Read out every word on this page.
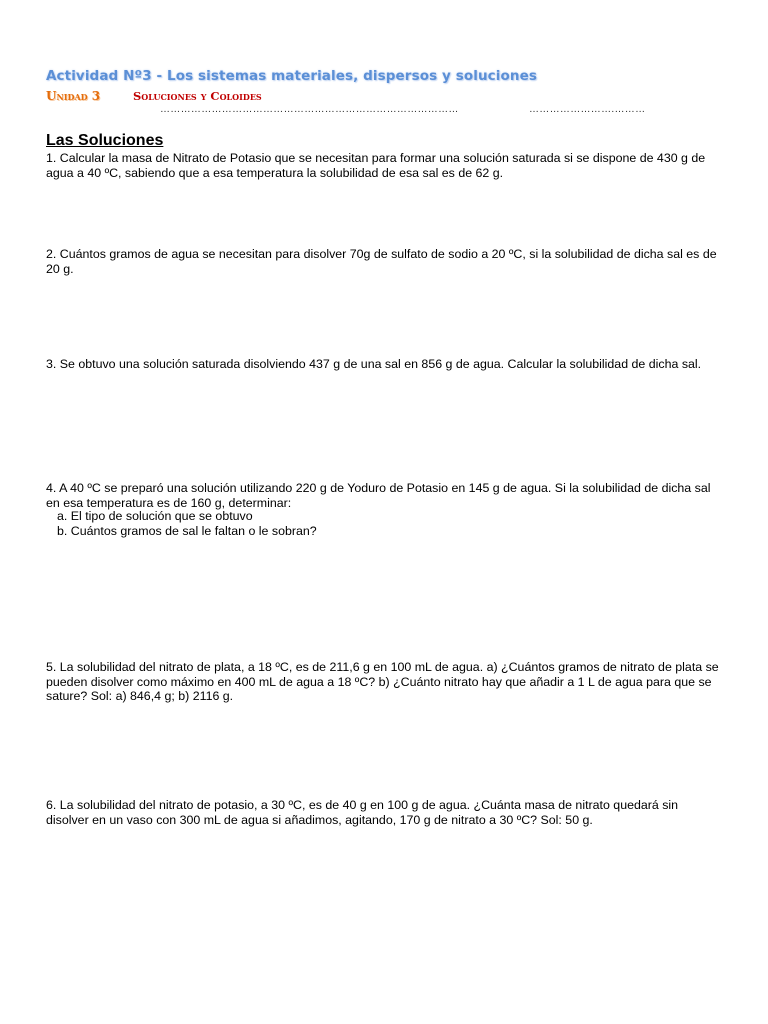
Actividad Nº3 - Los sistemas materiales, dispersos y soluciones
Unidad 3	Soluciones y Coloides
……………………………………………………………………………	…………………….………
Las Soluciones

1. Calcular la masa de Nitrato de Potasio que se necesitan para formar una solución saturada si se dispone de 430 g de agua a 40 ºC, sabiendo que a esa temperatura la solubilidad de esa sal es de 62 g.

2. Cuántos gramos de agua se necesitan para disolver 70g de sulfato de sodio a 20 ºC, si la solubilidad de dicha sal es de 20 g.

3. Se obtuvo una solución saturada disolviendo 437 g de una sal en 856 g de agua. Calcular la solubilidad de dicha sal.

4. A 40 ºC se preparó una solución utilizando 220 g de Yoduro de Potasio en 145 g de agua. Si la solubilidad de dicha sal en esa temperatura es de 160 g, determinar:

a. El tipo de solución que se obtuvo
b. Cuántos gramos de sal le faltan o le sobran?

5. La solubilidad del nitrato de plata, a 18 ºC, es de 211,6 g en 100 mL de agua. a) ¿Cuántos gramos de nitrato de plata se pueden disolver como máximo en 400 mL de agua a 18 ºC? b) ¿Cuánto nitrato hay que añadir a 1 L de agua para que se sature? Sol: a) 846,4 g; b) 2116 g.

6. La solubilidad del nitrato de potasio, a 30 ºC, es de 40 g en 100 g de agua. ¿Cuánta masa de nitrato quedará sin disolver en un vaso con 300 mL de agua si añadimos, agitando, 170 g de nitrato a 30 ºC? Sol: 50 g.
